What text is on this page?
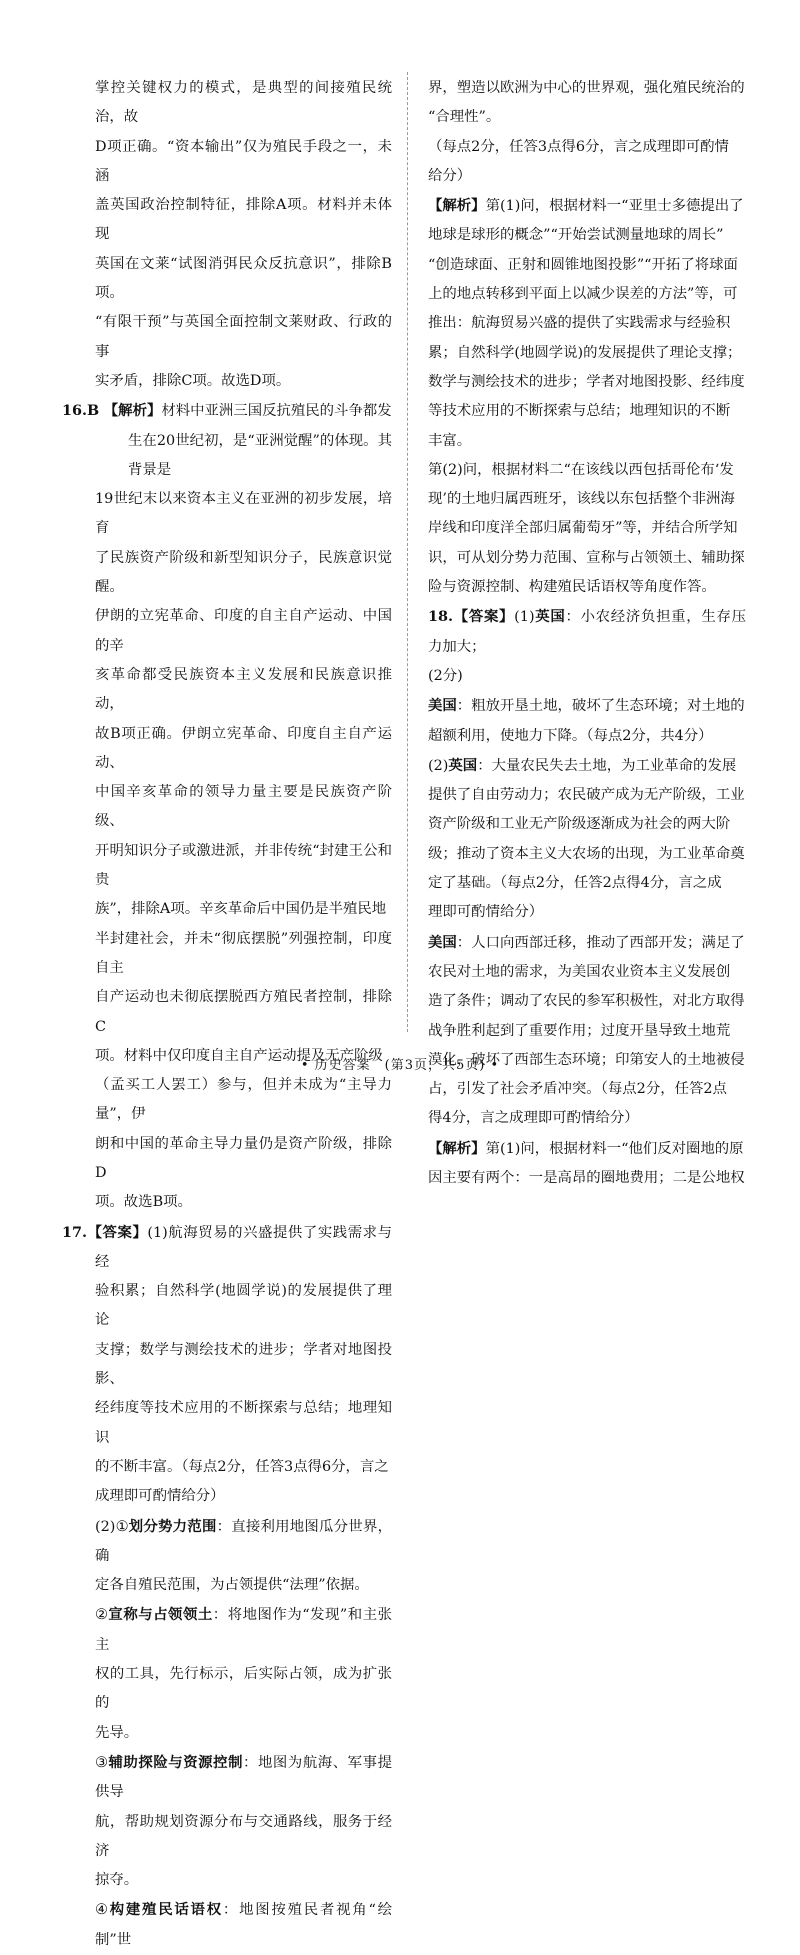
掌控关键权力的模式，是典型的间接殖民统治，故

D项正确。“资本输出”仅为殖民手段之一，未涵

盖英国政治控制特征，排除A项。材料并未体现

英国在文莱“试图消弭民众反抗意识”，排除B项。

“有限干预”与英国全面控制文莱财政、行政的事

实矛盾，排除C项。故选D项。

16.B 【解析】材料中亚洲三国反抗殖民的斗争都发

生在20世纪初，是“亚洲觉醒”的体现。其背景是

19世纪末以来资本主义在亚洲的初步发展，培育

了民族资产阶级和新型知识分子，民族意识觉醒。

伊朗的立宪革命、印度的自主自产运动、中国的辛

亥革命都受民族资本主义发展和民族意识推动，

故B项正确。伊朗立宪革命、印度自主自产运动、

中国辛亥革命的领导力量主要是民族资产阶级、

开明知识分子或激进派，并非传统“封建王公和贵

族”，排除A项。辛亥革命后中国仍是半殖民地

半封建社会，并未“彻底摆脱”列强控制，印度自主

自产运动也未彻底摆脱西方殖民者控制，排除C

项。材料中仅印度自主自产运动提及无产阶级

（孟买工人罢工）参与，但并未成为“主导力量”，伊

朗和中国的革命主导力量仍是资产阶级，排除D

项。故选B项。

17.【答案】(1)航海贸易的兴盛提供了实践需求与经

验积累；自然科学(地圆学说)的发展提供了理论

支撑；数学与测绘技术的进步；学者对地图投影、

经纬度等技术应用的不断探索与总结；地理知识

的不断丰富。（每点2分，任答3点得6分，言之

成理即可酌情给分）

(2)①划分势力范围：直接利用地图瓜分世界，确

定各自殖民范围，为占领提供“法理”依据。

②宣称与占领领土：将地图作为“发现”和主张主

权的工具，先行标示，后实际占领，成为扩张的

先导。

③辅助探险与资源控制：地图为航海、军事提供导

航，帮助规划资源分布与交通路线，服务于经济

掠夺。

④构建殖民话语权：地图按殖民者视角“绘制”世

界，塑造以欧洲为中心的世界观，强化殖民统治的

“合理性”。

（每点2分，任答3点得6分，言之成理即可酌情

给分）

【解析】第(1)问，根据材料一“亚里士多德提出了

地球是球形的概念”“开始尝试测量地球的周长”

“创造球面、正射和圆锥地图投影”“开拓了将球面

上的地点转移到平面上以减少误差的方法”等，可

推出：航海贸易兴盛的提供了实践需求与经验积

累；自然科学(地圆学说)的发展提供了理论支撑；

数学与测绘技术的进步；学者对地图投影、经纬度

等技术应用的不断探索与总结；地理知识的不断

丰富。

第(2)问，根据材料二“在该线以西包括哥伦布‘发

现’的土地归属西班牙，该线以东包括整个非洲海

岸线和印度洋全部归属葡萄牙”等，并结合所学知

识，可从划分势力范围、宣称与占领领土、辅助探

险与资源控制、构建殖民话语权等角度作答。

18.【答案】(1)英国：小农经济负担重，生存压力加大；

(2分)

美国：粗放开垦土地，破坏了生态环境；对土地的

超额利用，使地力下降。（每点2分，共4分）

(2)英国：大量农民失去土地，为工业革命的发展

提供了自由劳动力；农民破产成为无产阶级，工业

资产阶级和工业无产阶级逐渐成为社会的两大阶

级；推动了资本主义大农场的出现，为工业革命奠

定了基础。（每点2分，任答2点得4分，言之成

理即可酌情给分）

美国：人口向西部迁移，推动了西部开发；满足了

农民对土地的需求，为美国农业资本主义发展创

造了条件；调动了农民的参军积极性，对北方取得

战争胜利起到了重要作用；过度开垦导致土地荒

漠化，破坏了西部生态环境；印第安人的土地被侵

占，引发了社会矛盾冲突。（每点2分，任答2点

得4分，言之成理即可酌情给分）

【解析】第(1)问，根据材料一“他们反对圈地的原

因主要有两个：一是高昂的圈地费用；二是公地权

• 历史答案　(第3页，共5页) •
